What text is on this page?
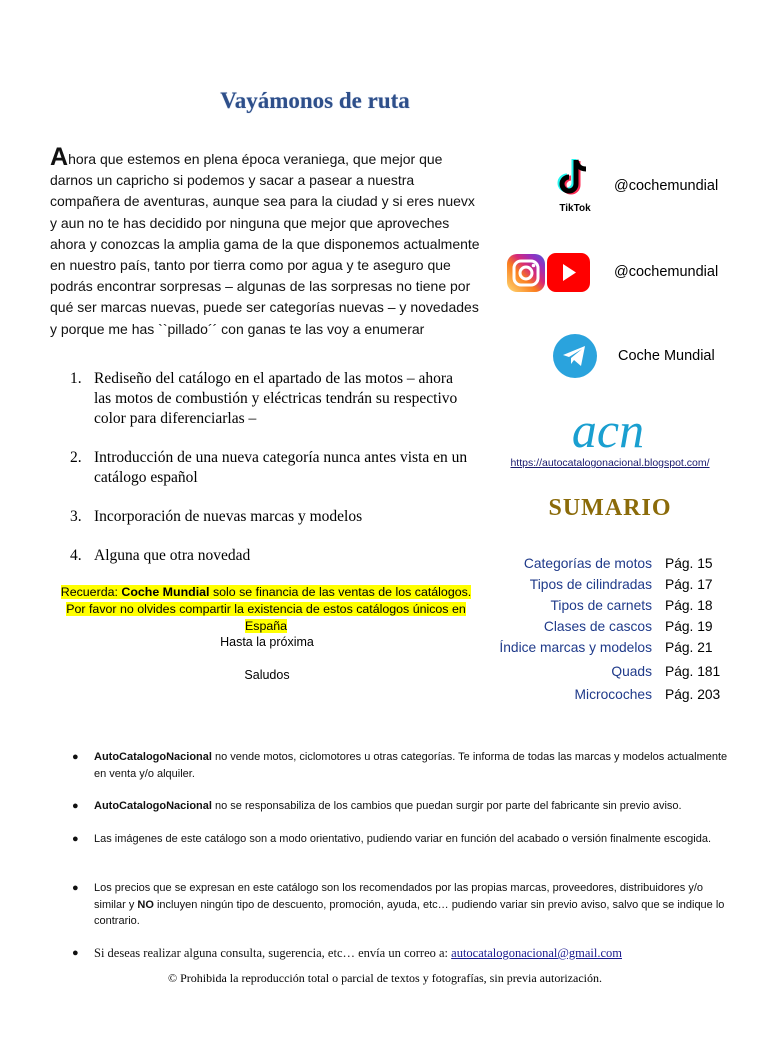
Vayámonos de ruta
Ahora que estemos en plena época veraniega, que mejor que darnos un capricho si podemos y sacar a pasear a nuestra compañera de aventuras, aunque sea para la ciudad y si eres nuevx y aun no te has decidido por ninguna que mejor que aproveches ahora y conozcas la amplia gama de la que disponemos actualmente en nuestro país, tanto por tierra como por agua y te aseguro que podrás encontrar sorpresas – algunas de las sorpresas no tiene por qué ser marcas nuevas, puede ser categorías nuevas – y novedades y porque me has ``pillado´´ con ganas te las voy a enumerar
1. Rediseño del catálogo en el apartado de las motos – ahora las motos de combustión y eléctricas tendrán su respectivo color para diferenciarlas –
2. Introducción de una nueva categoría nunca antes vista en un catálogo español
3. Incorporación de nuevas marcas y modelos
4. Alguna que otra novedad
Recuerda: Coche Mundial solo se financia de las ventas de los catálogos. Por favor no olvides compartir la existencia de estos catálogos únicos en España
Hasta la próxima
Saludos
TikTok
@cochemundial
@cochemundial
Coche Mundial
acn
https://autocatalogonacional.blogspot.com/
SUMARIO
Categorías de motos Pág. 15
Tipos de cilindradas Pág. 17
Tipos de carnets Pág. 18
Clases de cascos Pág. 19
Índice marcas y modelos Pág. 21
Quads Pág. 181
Microcoches Pág. 203
● AutoCatalogoNacional no vende motos, ciclomotores u otras categorías. Te informa de todas las marcas y modelos actualmente en venta y/o alquiler.
● AutoCatalogoNacional no se responsabiliza de los cambios que puedan surgir por parte del fabricante sin previo aviso.
● Las imágenes de este catálogo son a modo orientativo, pudiendo variar en función del acabado o versión finalmente escogida.
● Los precios que se expresan en este catálogo son los recomendados por las propias marcas, proveedores, distribuidores y/o similar y NO incluyen ningún tipo de descuento, promoción, ayuda, etc… pudiendo variar sin previo aviso, salvo que se indique lo contrario.
● Si deseas realizar alguna consulta, sugerencia, etc… envía un correo a: autocatalogonacional@gmail.com
© Prohibida la reproducción total o parcial de textos y fotografías, sin previa autorización.
